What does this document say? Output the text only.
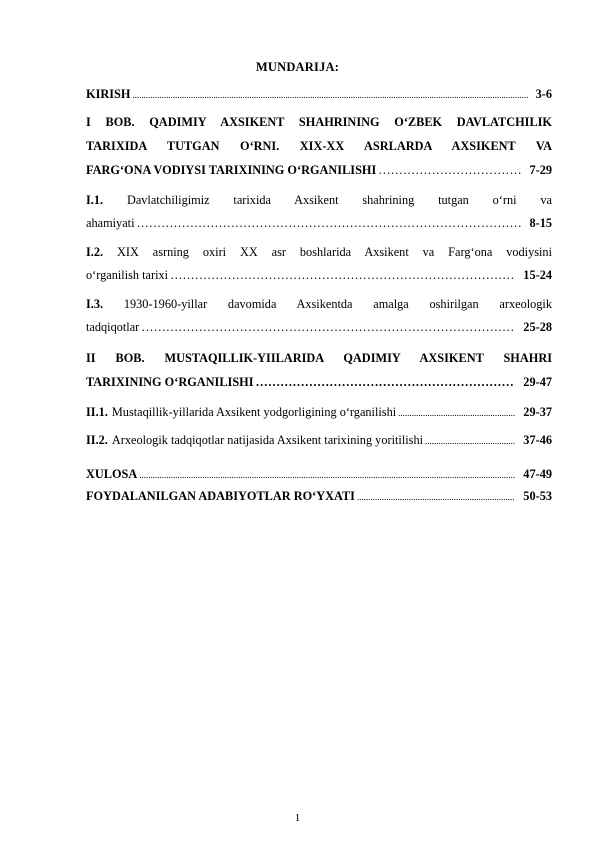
MUNDARIJA:
KIRISH .....	3-6
I BOB. QADIMIY AXSIKENT SHAHRINING O‘ZBEK DAVLATCHILIK
TARIXIDA TUTGAN O‘RNI. XIX-XX ASRLARDA AXSIKENT VA
FARG‘ONA VODIYSI TARIXINING O‘RGANILISHI …………………………………………………………………………………………………………………………………………………………………………………………………………	7-29
I.1. Davlatchiligimiz tarixida Axsikent shahrining tutgan o‘rni va
ahamiyati …………………………………………………………………………………………………………………………………………………………………………………………………………	8-15
I.2. XIX asrning oxiri XX asr boshlarida Axsikent va Farg‘ona vodiysini
o‘rganilish tarixi …………………………………………………………………………………………………………………………………………………………………………………………………………	15-24
I.3. 1930-1960-yillar davomida Axsikentda amalga oshirilgan arxeologik
tadqiqotlar …………………………………………………………………………………………………………………………………………………………………………………………………………	25-28
II BOB. MUSTAQILLIK-YIILARIDA QADIMIY AXSIKENT SHAHRI
TARIXINING O‘RGANILISHI …………………………………………………………………………………………………………………………………………………………………………………………………………	29-47
II.1. Mustaqillik-yillarida Axsikent yodgorligining o‘rganilishi .....	29-37
II.2. Arxeologik tadqiqotlar natijasida Axsikent tarixining yoritilishi .....	37-46
XULOSA .....	47-49
FOYDALANILGAN ADABIYOTLAR RO‘YXATI .....	50-53
1
